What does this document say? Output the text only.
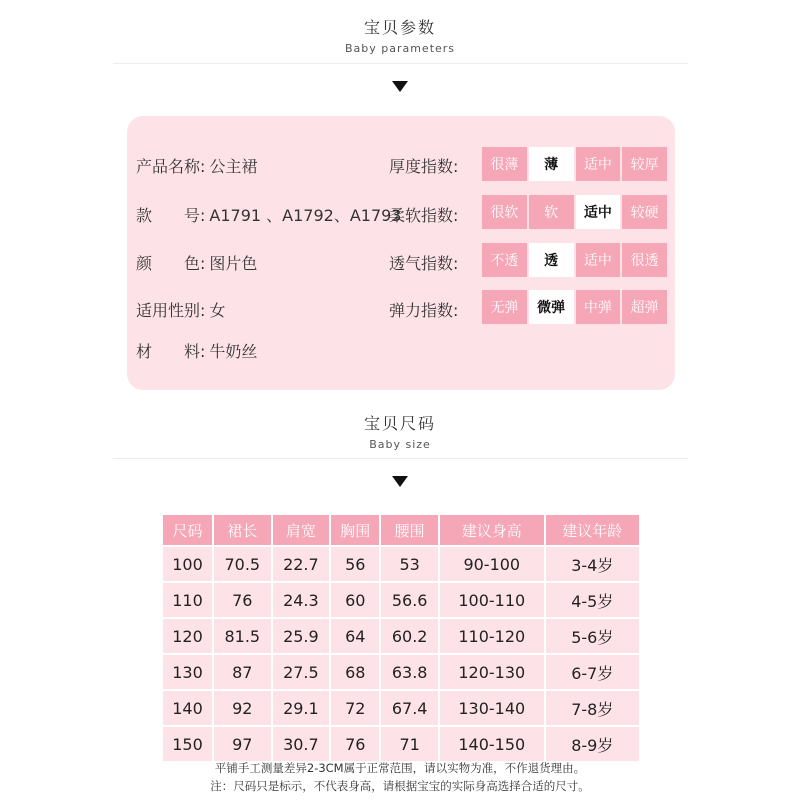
宝贝参数
Baby parameters
产品名称: 公主裙
款　　号: A1791 、A1792、A1793
颜　　色: 图片色
适用性别: 女
材　　料: 牛奶丝
厚度指数:	很薄	薄	适中	较厚
柔软指数:	很软	软	适中	较硬
透气指数:	不透	透	适中	很透
弹力指数:	无弹	微弹	中弹	超弹
宝贝尺码
Baby size
尺码	裙长	肩宽	胸围	腰围	建议身高	建议年龄
100	70.5	22.7	56	53	90-100	3-4岁
110	76	24.3	60	56.6	100-110	4-5岁
120	81.5	25.9	64	60.2	110-120	5-6岁
130	87	27.5	68	63.8	120-130	6-7岁
140	92	29.1	72	67.4	130-140	7-8岁
150	97	30.7	76	71	140-150	8-9岁
平铺手工测量差异2-3CM属于正常范围，请以实物为准，不作退货理由。
注：尺码只是标示，不代表身高，请根据宝宝的实际身高选择合适的尺寸。
